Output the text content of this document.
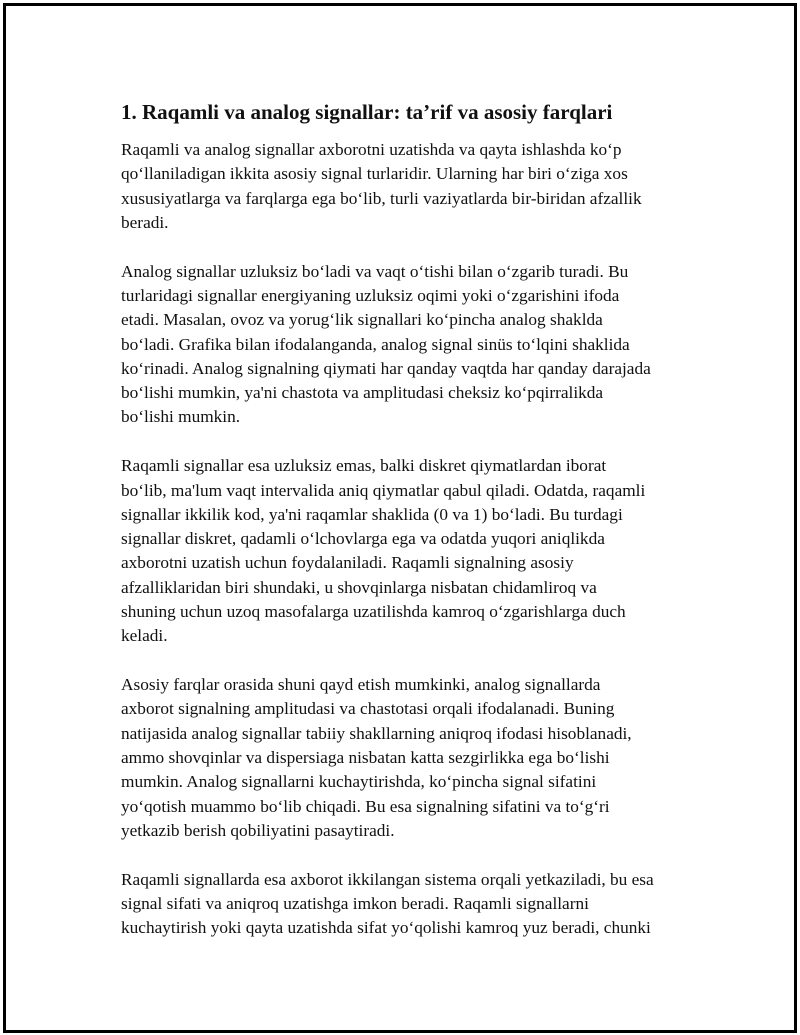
1. Raqamli va analog signallar: ta’rif va asosiy farqlari

Raqamli va analog signallar axborotni uzatishda va qayta ishlashda ko‘p
qo‘llaniladigan ikkita asosiy signal turlaridir. Ularning har biri o‘ziga xos
xususiyatlarga va farqlarga ega bo‘lib, turli vaziyatlarda bir-biridan afzallik
beradi.

Analog signallar uzluksiz bo‘ladi va vaqt o‘tishi bilan o‘zgarib turadi. Bu
turlaridagi signallar energiyaning uzluksiz oqimi yoki o‘zgarishini ifoda
etadi. Masalan, ovoz va yorug‘lik signallari ko‘pincha analog shaklda
bo‘ladi. Grafika bilan ifodalanganda, analog signal sinüs to‘lqini shaklida
ko‘rinadi. Analog signalning qiymati har qanday vaqtda har qanday darajada
bo‘lishi mumkin, ya'ni chastota va amplitudasi cheksiz ko‘pqirralikda
bo‘lishi mumkin.

Raqamli signallar esa uzluksiz emas, balki diskret qiymatlardan iborat
bo‘lib, ma'lum vaqt intervalida aniq qiymatlar qabul qiladi. Odatda, raqamli
signallar ikkilik kod, ya'ni raqamlar shaklida (0 va 1) bo‘ladi. Bu turdagi
signallar diskret, qadamli o‘lchovlarga ega va odatda yuqori aniqlikda
axborotni uzatish uchun foydalaniladi. Raqamli signalning asosiy
afzalliklaridan biri shundaki, u shovqinlarga nisbatan chidamliroq va
shuning uchun uzoq masofalarga uzatilishda kamroq o‘zgarishlarga duch
keladi.

Asosiy farqlar orasida shuni qayd etish mumkinki, analog signallarda
axborot signalning amplitudasi va chastotasi orqali ifodalanadi. Buning
natijasida analog signallar tabiiy shakllarning aniqroq ifodasi hisoblanadi,
ammo shovqinlar va dispersiaga nisbatan katta sezgirlikka ega bo‘lishi
mumkin. Analog signallarni kuchaytirishda, ko‘pincha signal sifatini
yo‘qotish muammo bo‘lib chiqadi. Bu esa signalning sifatini va to‘g‘ri
yetkazib berish qobiliyatini pasaytiradi.

Raqamli signallarda esa axborot ikkilangan sistema orqali yetkaziladi, bu esa
signal sifati va aniqroq uzatishga imkon beradi. Raqamli signallarni
kuchaytirish yoki qayta uzatishda sifat yo‘qolishi kamroq yuz beradi, chunki
